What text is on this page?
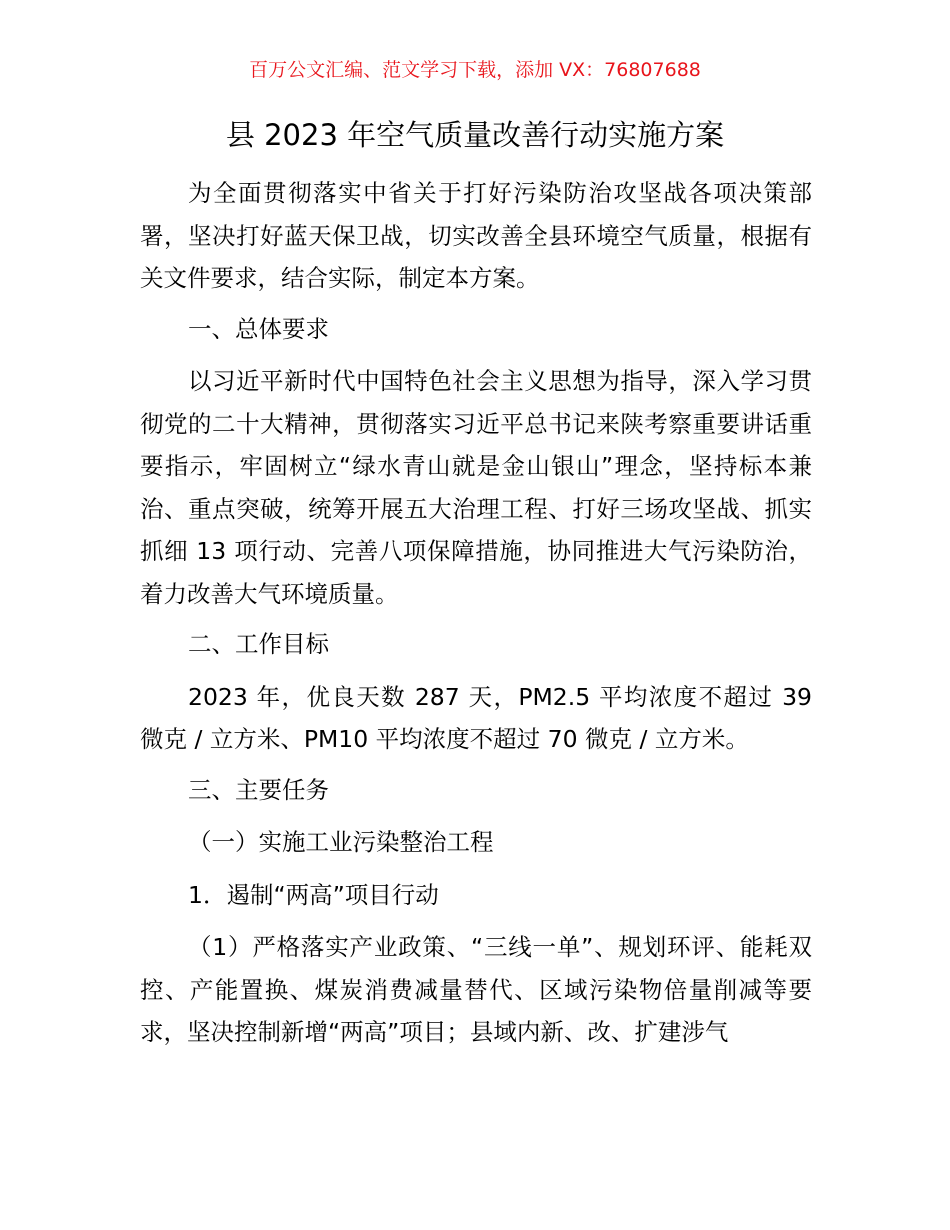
百万公文汇编、范文学习下载，添加 VX：76807688
县 2023 年空气质量改善行动实施方案

为全面贯彻落实中省关于打好污染防治攻坚战各项决策部署，坚决打好蓝天保卫战，切实改善全县环境空气质量，根据有关文件要求，结合实际，制定本方案。

一、总体要求

以习近平新时代中国特色社会主义思想为指导，深入学习贯彻党的二十大精神，贯彻落实习近平总书记来陕考察重要讲话重要指示，牢固树立“绿水青山就是金山银山”理念，坚持标本兼治、重点突破，统筹开展五大治理工程、打好三场攻坚战、抓实抓细 13 项行动、完善八项保障措施，协同推进大气污染防治，着力改善大气环境质量。

二、工作目标

2023 年，优良天数 287 天，PM2.5 平均浓度不超过 39 微克 / 立方米、PM10 平均浓度不超过 70 微克 / 立方米。

三、主要任务

（一）实施工业污染整治工程

1．遏制“两高”项目行动

（1）严格落实产业政策、“三线一单”、规划环评、能耗双控、产能置换、煤炭消费减量替代、区域污染物倍量削减等要求，坚决控制新增“两高”项目；县域内新、改、扩建涉气
